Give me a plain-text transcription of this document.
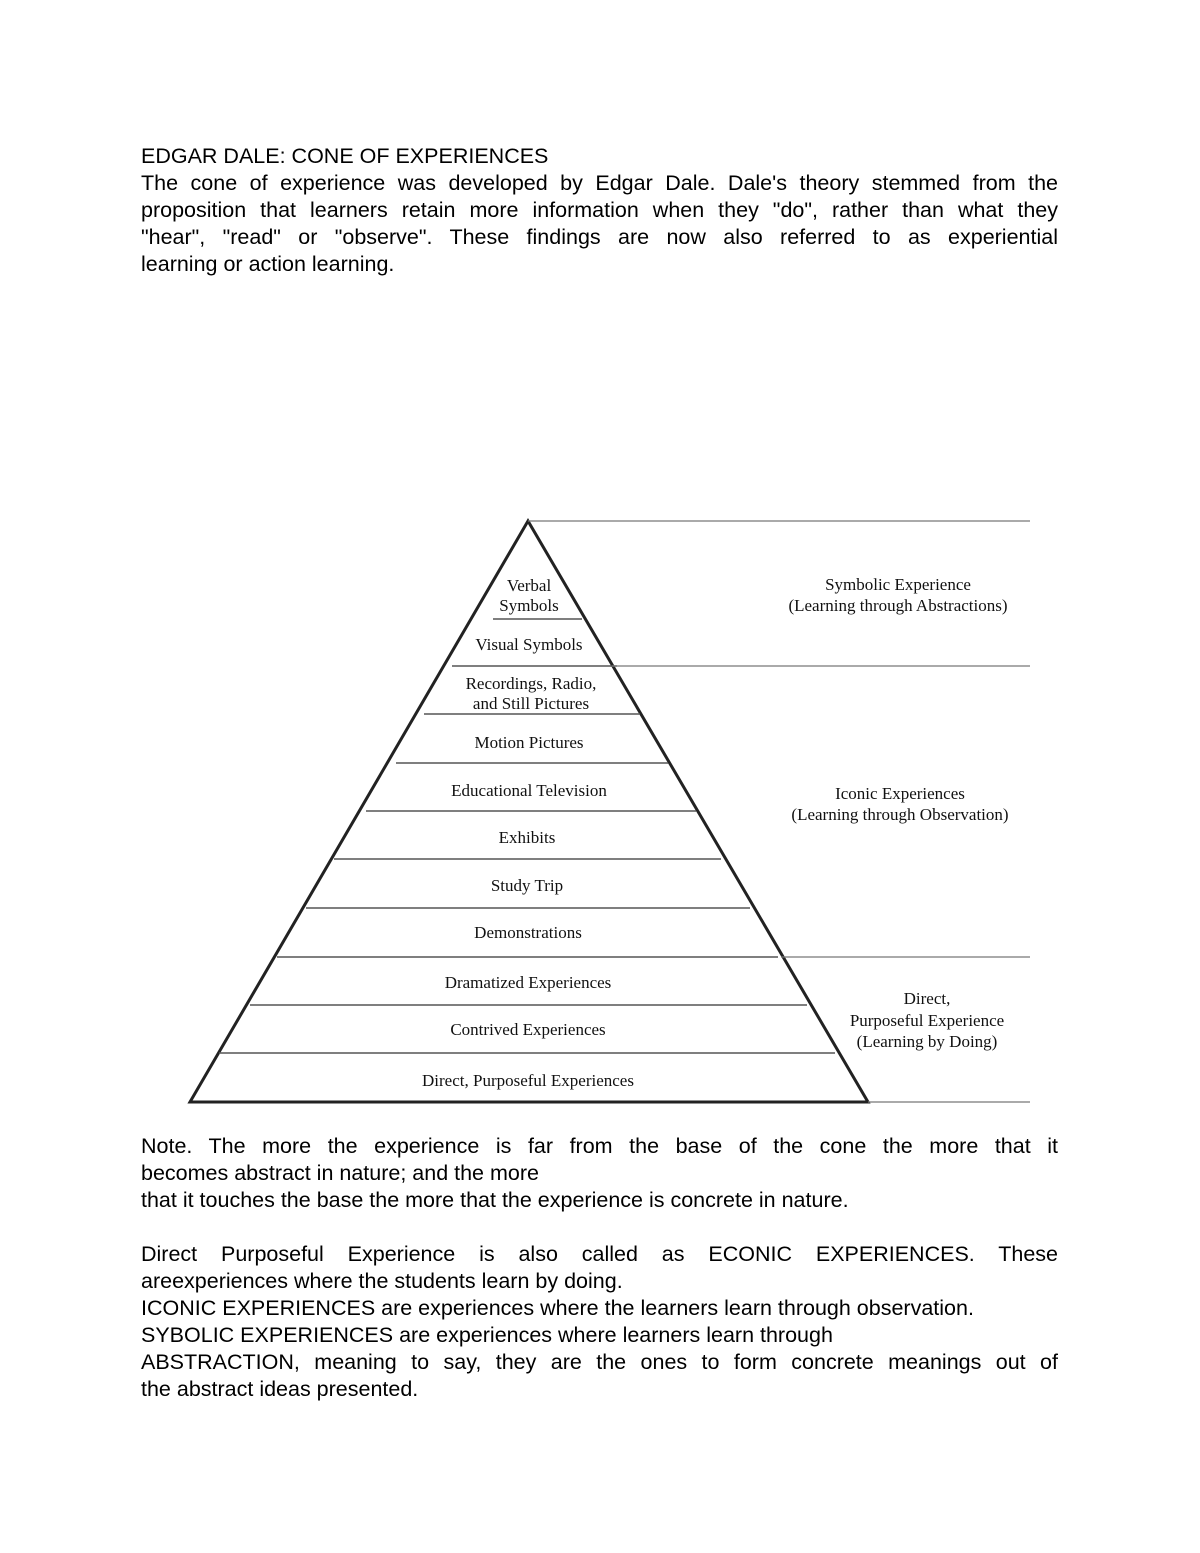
EDGAR DALE: CONE OF EXPERIENCES
The cone of experience was developed by Edgar Dale. Dale's theory stemmed from the
proposition that learners retain more information when they "do", rather than what they
"hear", "read" or "observe". These findings are now also referred to as experiential
learning or action learning.
Verbal
Symbols
Visual Symbols
Recordings, Radio,
and Still Pictures
Motion Pictures
Educational Television
Exhibits
Study Trip
Demonstrations
Dramatized Experiences
Contrived Experiences
Direct, Purposeful Experiences
Symbolic Experience
(Learning through Abstractions)
Iconic Experiences
(Learning through Observation)
Direct,
Purposeful Experience
(Learning by Doing)
Note. The more the experience is far from the base of the cone the more that it
becomes abstract in nature; and the more
that it touches the base the more that the experience is concrete in nature.
Direct Purposeful Experience is also called as ECONIC EXPERIENCES. These
areexperiences where the students learn by doing.
ICONIC EXPERIENCES are experiences where the learners learn through observation.
SYBOLIC EXPERIENCES are experiences where learners learn through
ABSTRACTION, meaning to say, they are the ones to form concrete meanings out of
the abstract ideas presented.
